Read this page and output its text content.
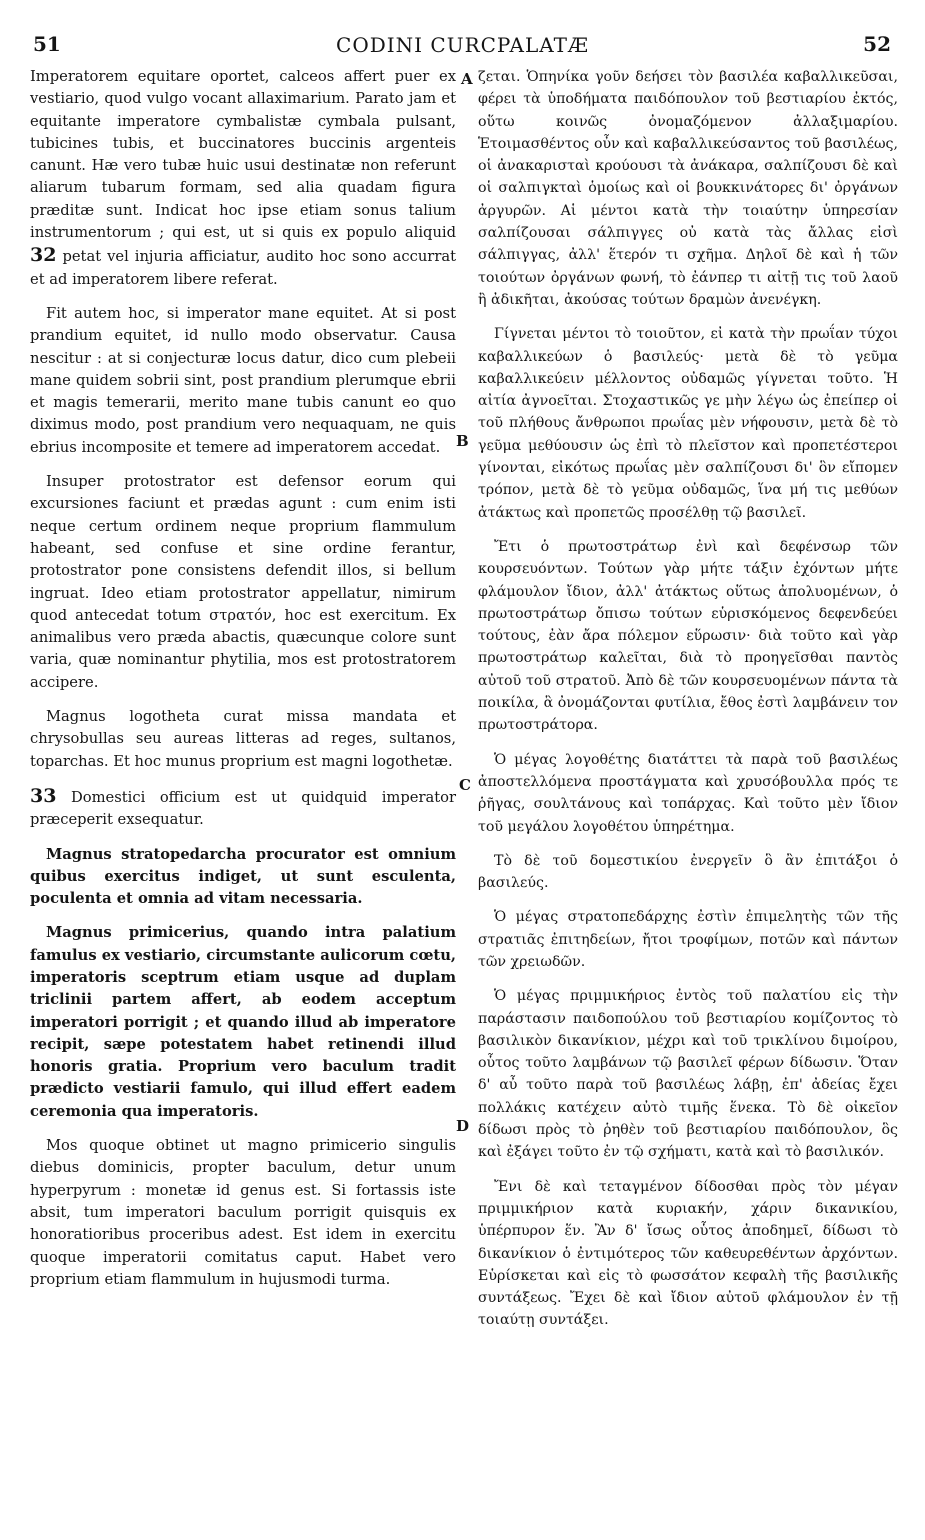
51	CODINI CURCPALATÆ	52

Imperatorem equitare oportet, calceos affert puer ex vestiario, quod vulgo vocant allaximarium. Parato jam et equitante imperatore cymbalistæ cymbala pulsant, tubicines tubis, et buccinatores buccinis argenteis canunt. Hæ vero tubæ huic usui destinatæ non referunt aliarum tubarum formam, sed alia quadam figura præditæ sunt. Indicat hoc ipse etiam sonus talium instrumentorum ; qui est, ut si quis ex populo aliquid 32 petat vel injuria afficiatur, audito hoc sono accurrat et ad imperatorem libere referat.

Fit autem hoc, si imperator mane equitet. At si post prandium equitet, id nullo modo observatur. Causa nescitur : at si conjecturæ locus datur, dico cum plebeii mane quidem sobrii sint, post prandium plerumque ebrii et magis temerarii, merito mane tubis canunt eo quo diximus modo, post prandium vero nequaquam, ne quis ebrius incomposite et temere ad imperatorem accedat.

Insuper protostrator est defensor eorum qui excursiones faciunt et prædas agunt : cum enim isti neque certum ordinem neque proprium flammulum habeant, sed confuse et sine ordine ferantur, protostrator pone consistens defendit illos, si bellum ingruat. Ideo etiam protostrator appellatur, nimirum quod antecedat totum στρατόν, hoc est exercitum. Ex animalibus vero præda abactis, quæcunque colore sunt varia, quæ nominantur phytilia, mos est protostratorem accipere.

Magnus logotheta curat missa mandata et chrysobullas seu aureas litteras ad reges, sultanos, toparchas. Et hoc munus proprium est magni logothetæ.

33 Domestici officium est ut quidquid imperator præceperit exsequatur.

Magnus stratopedarcha procurator est omnium quibus exercitus indiget, ut sunt esculenta, poculenta et omnia ad vitam necessaria.

Magnus primicerius, quando intra palatium famulus ex vestiario, circumstante aulicorum cœtu, imperatoris sceptrum etiam usque ad duplam triclinii partem affert, ab eodem acceptum imperatori porrigit ; et quando illud ab imperatore recipit, sæpe potestatem habet retinendi illud honoris gratia. Proprium vero baculum tradit prædicto vestiarii famulo, qui illud effert eadem ceremonia qua imperatoris.

Mos quoque obtinet ut magno primicerio singulis diebus dominicis, propter baculum, detur unum hyperpyrum : monetæ id genus est. Si fortassis iste absit, tum imperatori baculum porrigit quisquis ex honoratioribus proceribus adest. Est idem in exercitu quoque imperatorii comitatus caput. Habet vero proprium etiam flammulum in hujusmodi turma.

A
B
C
D

ζεται. Ὁπηνίκα γοῦν δεήσει τὸν βασιλέα καβαλλικεῦσαι, φέρει τὰ ὑποδήματα παιδόπουλον τοῦ βεστιαρίου ἐκτός, οὕτω κοινῶς ὀνομαζόμενον ἀλλαξιμαρίου. Ἑτοιμασθέντος οὖν καὶ καβαλλικεύσαντος τοῦ βασιλέως, οἱ ἀνακαρισταὶ κρούουσι τὰ ἀνάκαρα, σαλπίζουσι δὲ καὶ οἱ σαλπιγκταὶ ὁμοίως καὶ οἱ βουκκινάτορες δι' ὀργάνων ἀργυρῶν. Αἱ μέντοι κατὰ τὴν τοιαύτην ὑπηρεσίαν σαλπίζουσαι σάλπιγγες οὐ κατὰ τὰς ἄλλας εἰσὶ σάλπιγγας, ἀλλ' ἕτερόν τι σχῆμα. Δηλοῖ δὲ καὶ ἡ τῶν τοιούτων ὀργάνων φωνή, τὸ ἐάνπερ τι αἰτῇ τις τοῦ λαοῦ ἢ ἀδικῆται, ἀκούσας τούτων δραμὼν ἀνενέγκη.

Γίγνεται μέντοι τὸ τοιοῦτον, εἰ κατὰ τὴν πρωΐαν τύχοι καβαλλικεύων ὁ βασιλεύς· μετὰ δὲ τὸ γεῦμα καβαλλικεύειν μέλλοντος οὐδαμῶς γίγνεται τοῦτο. Ἡ αἰτία ἀγνοεῖται. Στοχαστικῶς γε μὴν λέγω ὡς ἐπείπερ οἱ τοῦ πλήθους ἄνθρωποι πρωΐας μὲν νήφουσιν, μετὰ δὲ τὸ γεῦμα μεθύουσιν ὡς ἐπὶ τὸ πλεῖστον καὶ προπετέστεροι γίνονται, εἰκότως πρωΐας μὲν σαλπίζουσι δι' ὃν εἴπομεν τρόπον, μετὰ δὲ τὸ γεῦμα οὐδαμῶς, ἵνα μή τις μεθύων ἀτάκτως καὶ προπετῶς προσέλθῃ τῷ βασιλεῖ.

Ἔτι ὁ πρωτοστράτωρ ἐνὶ καὶ δεφένσωρ τῶν κουρσευόντων. Τούτων γὰρ μήτε τάξιν ἐχόντων μήτε φλάμουλον ἴδιον, ἀλλ' ἀτάκτως οὕτως ἀπολυομένων, ὁ πρωτοστράτωρ ὄπισω τούτων εὑρισκόμενος δεφενδεύει τούτους, ἐὰν ἄρα πόλεμον εὕρωσιν· διὰ τοῦτο καὶ γὰρ πρωτοστράτωρ καλεῖται, διὰ τὸ προηγεῖσθαι παντὸς αὐτοῦ τοῦ στρατοῦ. Ἀπὸ δὲ τῶν κουρσευομένων πάντα τὰ ποικίλα, ἃ ὀνομάζονται φυτίλια, ἔθος ἐστὶ λαμβάνειν τον πρωτοστράτορα.

Ὁ μέγας λογοθέτης διατάττει τὰ παρὰ τοῦ βασιλέως ἀποστελλόμενα προστάγματα καὶ χρυσόβουλλα πρός τε ῥῆγας, σουλτάνους καὶ τοπάρχας. Καὶ τοῦτο μὲν ἴδιον τοῦ μεγάλου λογοθέτου ὑπηρέτημα.

Τὸ δὲ τοῦ δομεστικίου ἐνεργεῖν ὃ ἂν ἐπιτάξοι ὁ βασιλεύς.

Ὁ μέγας στρατοπεδάρχης ἐστὶν ἐπιμελητὴς τῶν τῆς στρατιᾶς ἐπιτηδείων, ἤτοι τροφίμων, ποτῶν καὶ πάντων τῶν χρειωδῶν.

Ὁ μέγας πριμμικήριος ἐντὸς τοῦ παλατίου εἰς τὴν παράστασιν παιδοπούλου τοῦ βεστιαρίου κομίζοντος τὸ βασιλικὸν δικανίκιον, μέχρι καὶ τοῦ τρικλίνου διμοίρου, οὗτος τοῦτο λαμβάνων τῷ βασιλεῖ φέρων δίδωσιν. Ὅταν δ' αὖ τοῦτο παρὰ τοῦ βασιλέως λάβῃ, ἐπ' ἀδείας ἔχει πολλάκις κατέχειν αὐτὸ τιμῆς ἕνεκα. Τὸ δὲ οἰκεῖον δίδωσι πρὸς τὸ ῥηθὲν τοῦ βεστιαρίου παιδόπουλον, ὃς καὶ ἐξάγει τοῦτο ἐν τῷ σχήματι, κατὰ καὶ τὸ βασιλικόν.

Ἔνι δὲ καὶ τεταγμένον δίδοσθαι πρὸς τὸν μέγαν πριμμικήριον κατὰ κυριακήν, χάριν δικανικίου, ὑπέρπυρον ἕν. Ἂν δ' ἴσως οὗτος ἀποδημεῖ, δίδωσι τὸ δικανίκιον ὁ ἐντιμότερος τῶν καθευρεθέντων ἀρχόντων. Εὑρίσκεται καὶ εἰς τὸ φωσσάτον κεφαλὴ τῆς βασιλικῆς συντάξεως. Ἔχει δὲ καὶ ἴδιον αὐτοῦ φλάμουλον ἐν τῇ τοιαύτῃ συντάξει.
